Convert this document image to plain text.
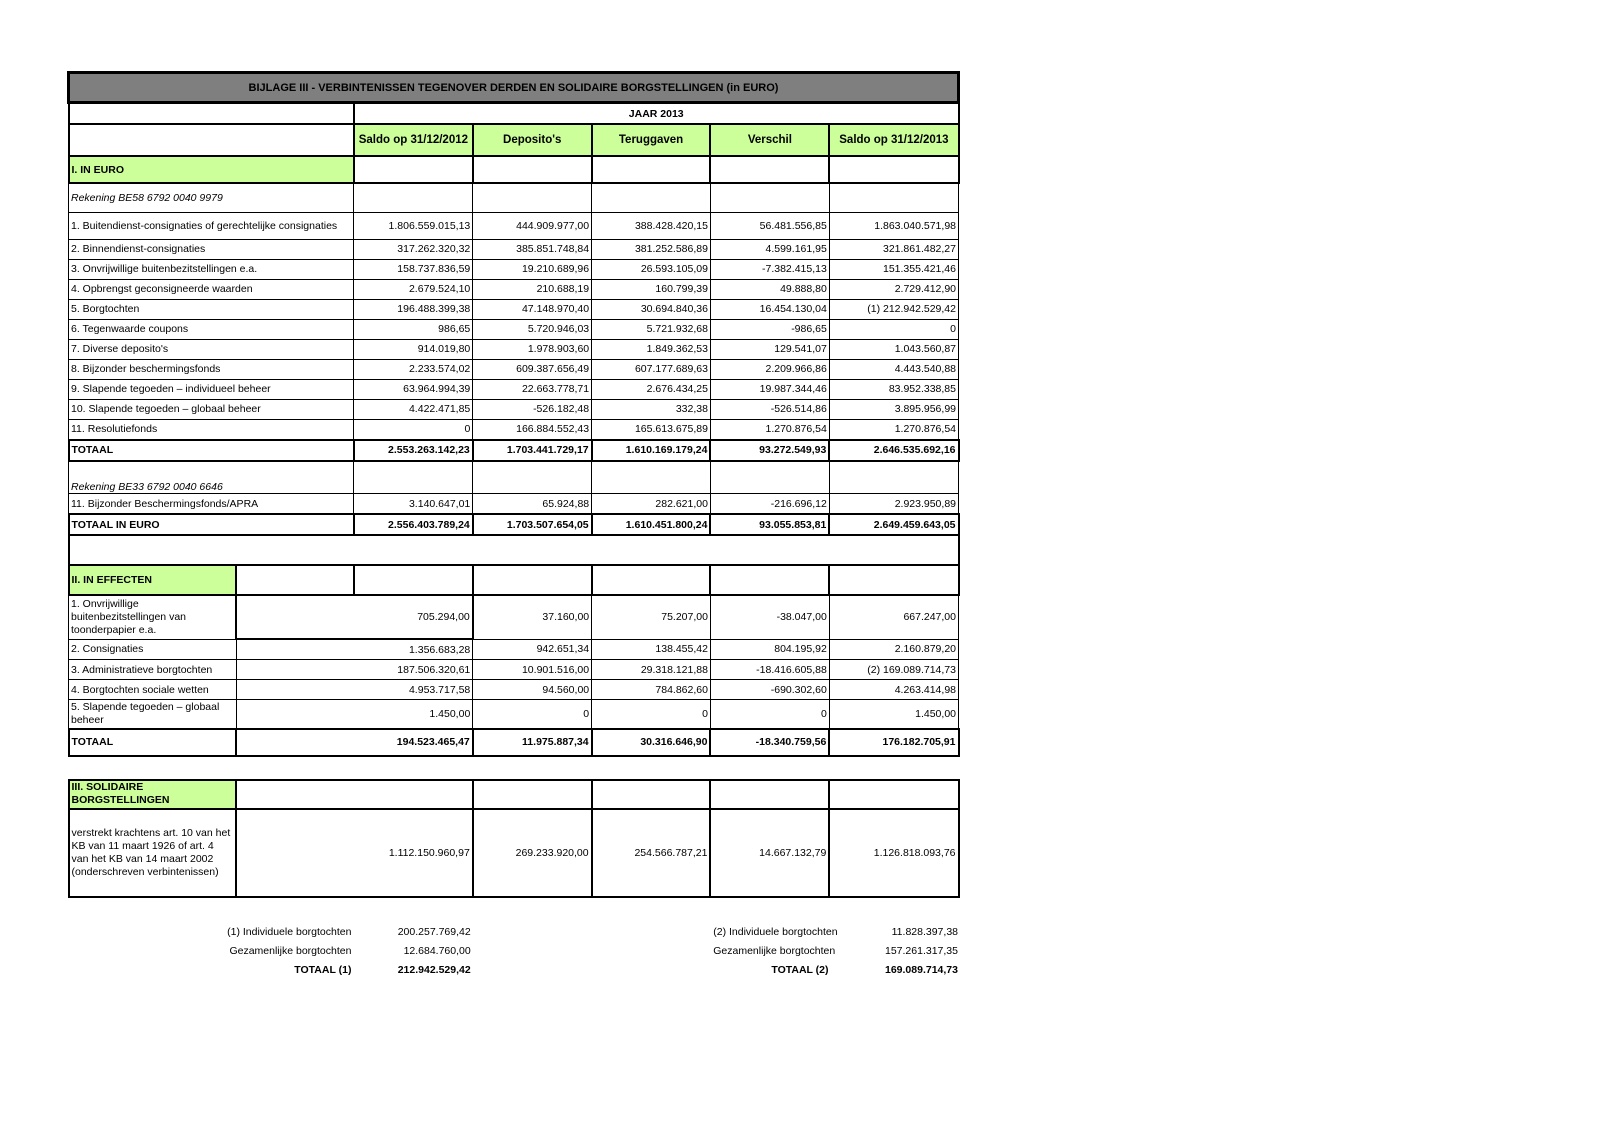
BIJLAGE III - VERBINTENISSEN TEGENOVER DERDEN EN SOLIDAIRE BORGSTELLINGEN (in EURO)						
		JAAR 2013				
		Saldo op 31/12/2012	Deposito's	Teruggaven	Verschil	Saldo op 31/12/2013
I. IN EURO						
Rekening BE58 6792 0040 9979						
1. Buitendienst-consignaties of gerechtelijke consignaties		1.806.559.015,13	444.909.977,00	388.428.420,15	56.481.556,85	1.863.040.571,98
2. Binnendienst-consignaties		317.262.320,32	385.851.748,84	381.252.586,89	4.599.161,95	321.861.482,27
3. Onvrijwillige buitenbezitstellingen e.a.		158.737.836,59	19.210.689,96	26.593.105,09	-7.382.415,13	151.355.421,46
4. Opbrengst geconsigneerde waarden		2.679.524,10	210.688,19	160.799,39	49.888,80	2.729.412,90
5. Borgtochten		196.488.399,38	47.148.970,40	30.694.840,36	16.454.130,04	(1) 212.942.529,42
6. Tegenwaarde coupons		986,65	5.720.946,03	5.721.932,68	-986,65	0
7. Diverse deposito's		914.019,80	1.978.903,60	1.849.362,53	129.541,07	1.043.560,87
8. Bijzonder beschermingsfonds		2.233.574,02	609.387.656,49	607.177.689,63	2.209.966,86	4.443.540,88
9. Slapende tegoeden – individueel beheer		63.964.994,39	22.663.778,71	2.676.434,25	19.987.344,46	83.952.338,85
10. Slapende tegoeden – globaal beheer		4.422.471,85	-526.182,48	332,38	-526.514,86	3.895.956,99
11. Resolutiefonds		0	166.884.552,43	165.613.675,89	1.270.876,54	1.270.876,54
TOTAAL		2.553.263.142,23	1.703.441.729,17	1.610.169.179,24	93.272.549,93	2.646.535.692,16
Rekening BE33 6792 0040 6646						
11. Bijzonder Beschermingsfonds/APRA		3.140.647,01	65.924,88	282.621,00	-216.696,12	2.923.950,89
TOTAAL IN EURO		2.556.403.789,24	1.703.507.654,05	1.610.451.800,24	93.055.853,81	2.649.459.643,05

II. IN EFFECTEN						
1. Onvrijwillige buitenbezitstellingen van toonderpapier e.a.	705.294,00		37.160,00	75.207,00	-38.047,00	667.247,00
2. Consignaties	1.356.683,28		942.651,34	138.455,42	804.195,92	2.160.879,20
3. Administratieve borgtochten	187.506.320,61		10.901.516,00	29.318.121,88	-18.416.605,88	(2) 169.089.714,73
4. Borgtochten sociale wetten	4.953.717,58		94.560,00	784.862,60	-690.302,60	4.263.414,98
5. Slapende tegoeden – globaal beheer	1.450,00		0	0	0	1.450,00
TOTAAL	194.523.465,47		11.975.887,34	30.316.646,90	-18.340.759,56	176.182.705,91

III. SOLIDAIRE BORGSTELLINGEN						
verstrekt krachtens art. 10 van het KB van 11 maart 1926 of art. 4 van het KB van 14 maart 2002 (onderschreven verbintenissen)	1.112.150.960,97		269.233.920,00	254.566.787,21	14.667.132,79	1.126.818.093,76
(1) Individuele borgtochten	200.257.769,42			(2) Individuele borgtochten	11.828.397,38
Gezamenlijke borgtochten	12.684.760,00			Gezamenlijke borgtochten	157.261.317,35
TOTAAL (1)	212.942.529,42			TOTAAL (2)	169.089.714,73
